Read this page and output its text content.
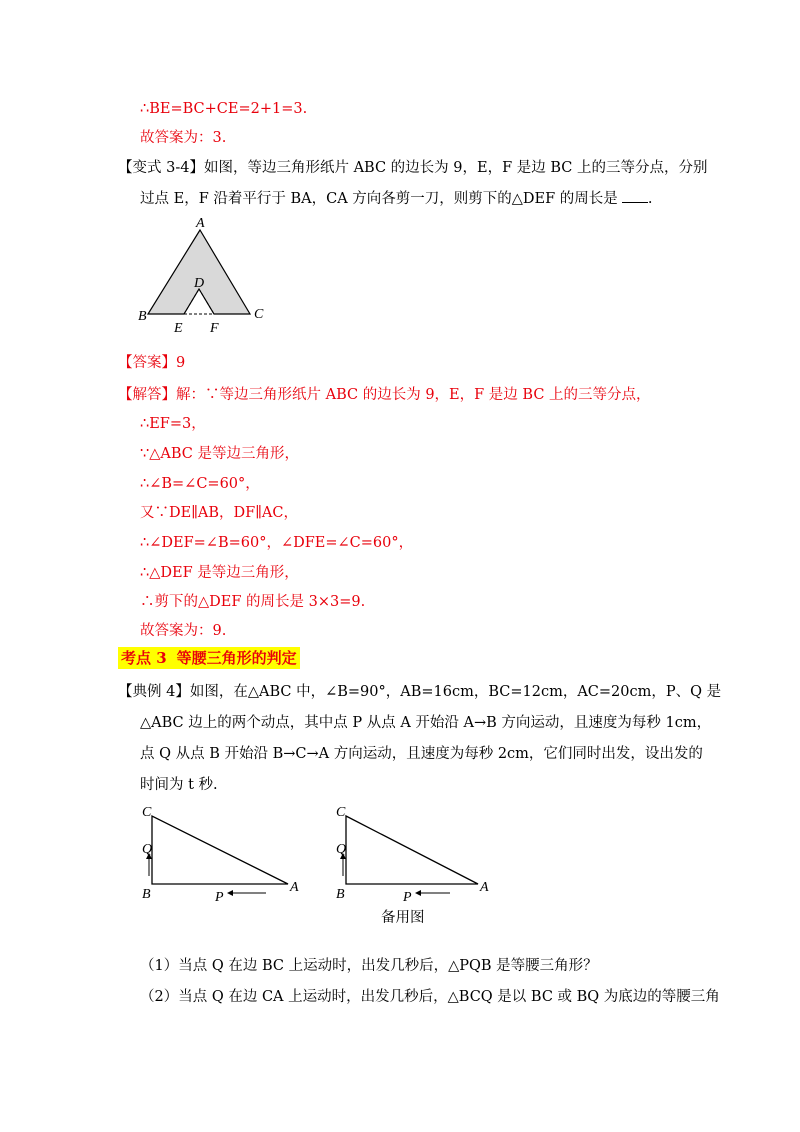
∴BE=BC+CE=2+1=3.
故答案为：3.
【变式 3-4】如图，等边三角形纸片 ABC 的边长为 9，E，F 是边 BC 上的三等分点，分别
过点 E，F 沿着平行于 BA，CA 方向各剪一刀，则剪下的△DEF 的周长是 .
A
B	C
D
E F
【答案】9
【解答】解：∵等边三角形纸片 ABC 的边长为 9，E，F 是边 BC 上的三等分点，
∴EF=3，
∵△ABC 是等边三角形，
∴∠B=∠C=60°，
又∵DE∥AB，DF∥AC，
∴∠DEF=∠B=60°，∠DFE=∠C=60°，
∴△DEF 是等边三角形，
∴剪下的△DEF 的周长是 3×3=9.
故答案为：9.
考点 3 等腰三角形的判定
【典例 4】如图，在△ABC 中，∠B=90°，AB=16cm，BC=12cm，AC=20cm，P、Q 是
△ABC 边上的两个动点，其中点 P 从点 A 开始沿 A→B 方向运动，且速度为每秒 1cm，
点 Q 从点 B 开始沿 B→C→A 方向运动，且速度为每秒 2cm，它们同时出发，设出发的
时间为 t 秒.
C
Q
B	P
A
C
Q
B	P
A
备用图
（1）当点 Q 在边 BC 上运动时，出发几秒后，△PQB 是等腰三角形？
（2）当点 Q 在边 CA 上运动时，出发几秒后，△BCQ 是以 BC 或 BQ 为底边的等腰三角
